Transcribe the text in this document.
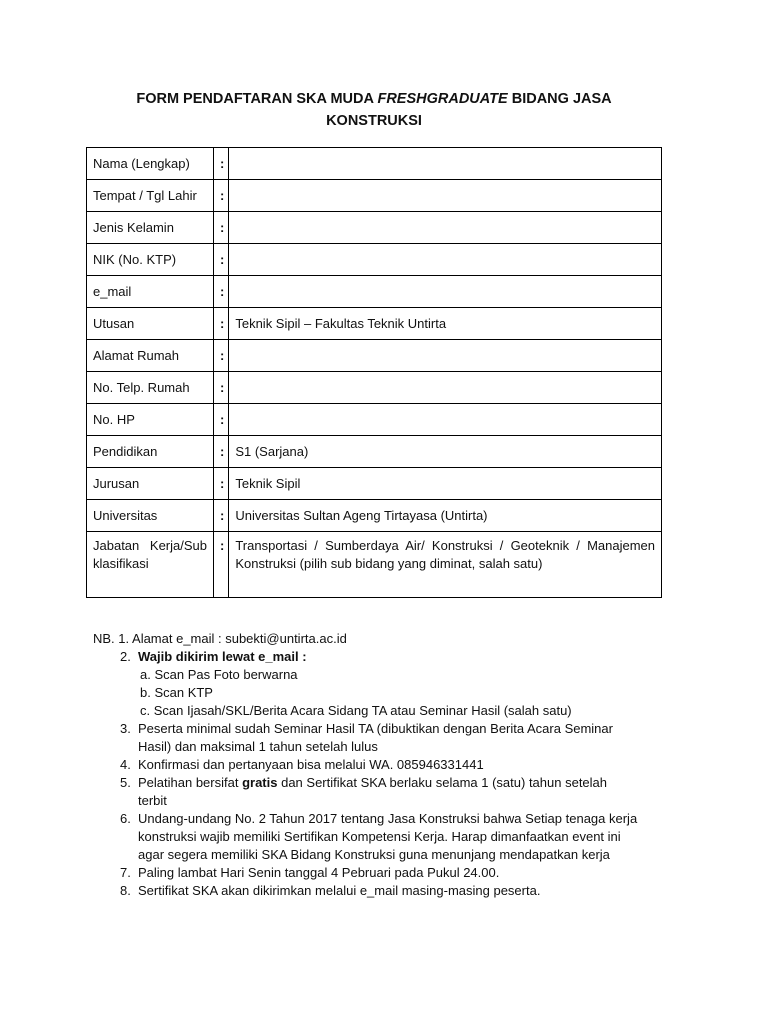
FORM PENDAFTARAN SKA MUDA FRESHGRADUATE BIDANG JASA
KONSTRUKSI
Nama (Lengkap)	:	
Tempat / Tgl Lahir	:	
Jenis Kelamin	:	
NIK (No. KTP)	:	
e_mail	:	
Utusan	:	Teknik Sipil – Fakultas Teknik Untirta
Alamat Rumah	:	
No. Telp. Rumah	:	
No. HP	:	
Pendidikan	:	S1 (Sarjana)
Jurusan	:	Teknik Sipil
Universitas	:	Universitas Sultan Ageng Tirtayasa (Untirta)

Jabatan Kerja/Sub
klasifikasi	:	Transportasi / Sumberdaya Air/ Konstruksi / Geoteknik / Manajemen Konstruksi (pilih sub bidang yang diminat, salah satu)
NB. 1. Alamat e_mail : subekti@untirta.ac.id
2. Wajib dikirim lewat e_mail :
a. Scan Pas Foto berwarna
b. Scan KTP
c. Scan Ijasah/SKL/Berita Acara Sidang TA atau Seminar Hasil (salah satu)
3. Peserta minimal sudah Seminar Hasil TA (dibuktikan dengan Berita Acara Seminar
Hasil) dan maksimal 1 tahun setelah lulus
4. Konfirmasi dan pertanyaan bisa melalui WA. 085946331441
5. Pelatihan bersifat gratis dan Sertifikat SKA berlaku selama 1 (satu) tahun setelah
terbit
6. Undang-undang No. 2 Tahun 2017 tentang Jasa Konstruksi bahwa Setiap tenaga kerja
konstruksi wajib memiliki Sertifikan Kompetensi Kerja. Harap dimanfaatkan event ini
agar segera memiliki SKA Bidang Konstruksi guna menunjang mendapatkan kerja
7. Paling lambat Hari Senin tanggal 4 Pebruari pada Pukul 24.00.
8. Sertifikat SKA akan dikirimkan melalui e_mail masing-masing peserta.
